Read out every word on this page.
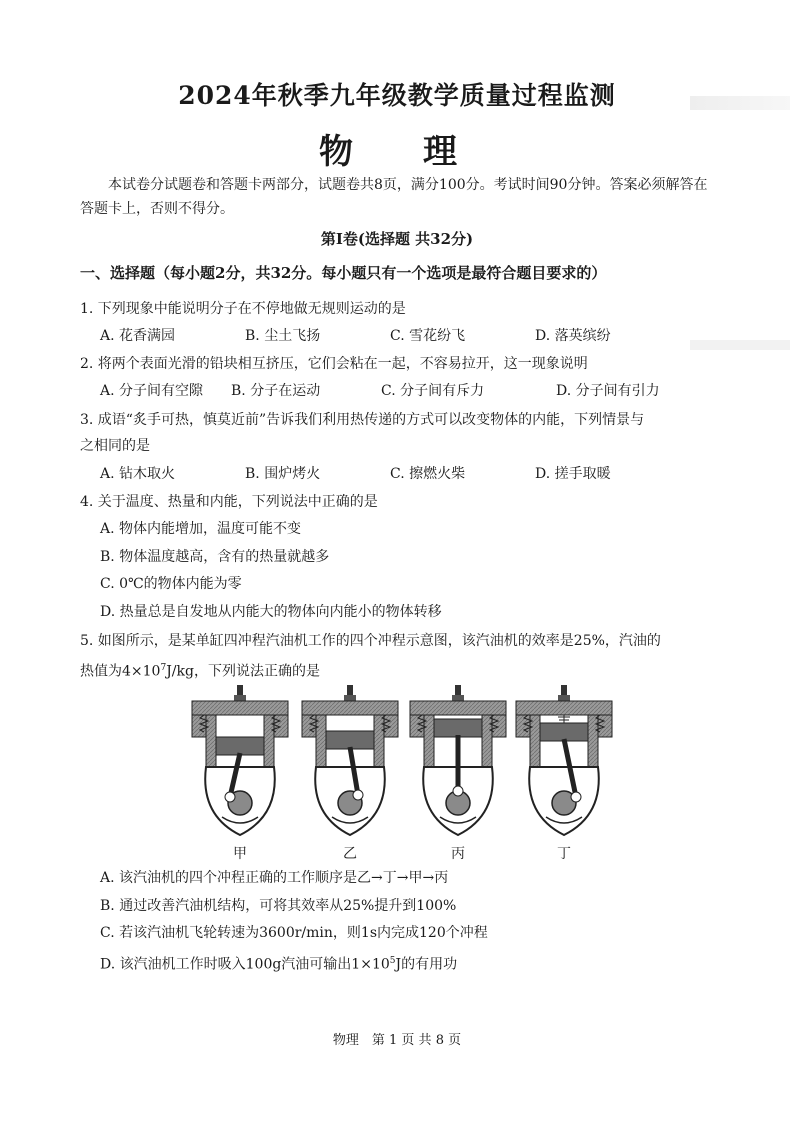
2024年秋季九年级教学质量过程监测
物　理
本试卷分试题卷和答题卡两部分，试题卷共8页，满分100分。考试时间90分钟。答案必须解答在答题卡上，否则不得分。
第Ⅰ卷(选择题 共32分)
一、选择题（每小题2分，共32分。每小题只有一个选项是最符合题目要求的）
1. 下列现象中能说明分子在不停地做无规则运动的是
A. 花香满园	B. 尘土飞扬	C. 雪花纷飞	D. 落英缤纷
2. 将两个表面光滑的铅块相互挤压，它们会粘在一起，不容易拉开，这一现象说明
A. 分子间有空隙	B. 分子在运动	C. 分子间有斥力	D. 分子间有引力
3. 成语“炙手可热，慎莫近前”告诉我们利用热传递的方式可以改变物体的内能，下列情景与
之相同的是
A. 钻木取火	B. 围炉烤火	C. 擦燃火柴	D. 搓手取暖
4. 关于温度、热量和内能，下列说法中正确的是
A. 物体内能增加，温度可能不变
B. 物体温度越高，含有的热量就越多
C. 0℃的物体内能为零
D. 热量总是自发地从内能大的物体向内能小的物体转移
5. 如图所示，是某单缸四冲程汽油机工作的四个冲程示意图，该汽油机的效率是25%，汽油的
热值为$4\times 10^7J/kg$，下列说法正确的是
甲	乙	丙	丁
A. 该汽油机的四个冲程正确的工作顺序是乙→丁→甲→丙
B. 通过改善汽油机结构，可将其效率从25%提升到100%
C. 若该汽油机飞轮转速为3600r/min，则1s内完成120个冲程
D. 该汽油机工作时吸入100g汽油可输出$1\times 10^5J$的有用功
物理　第 1 页 共 8 页
